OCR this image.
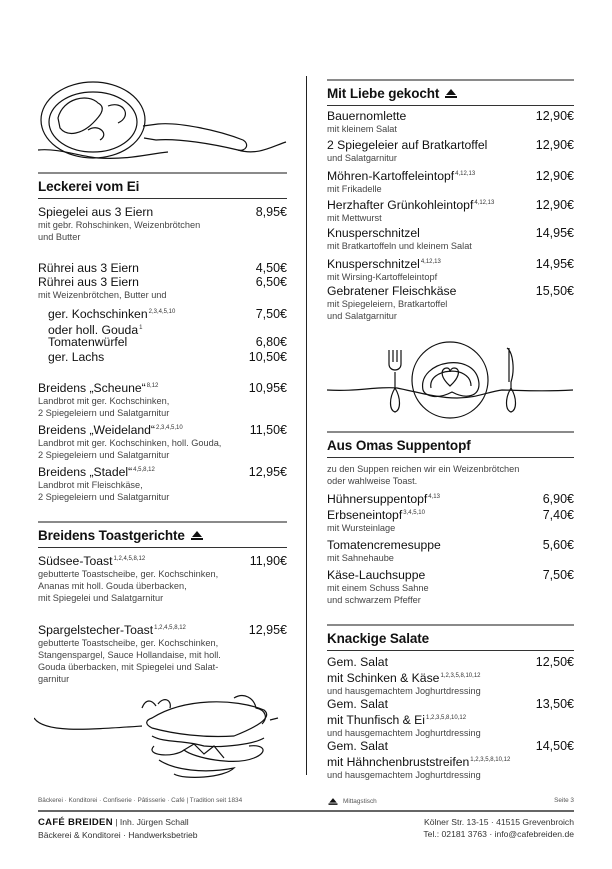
Leckerei vom Ei
Spiegelei aus 3 Eiern	8,95€
mit gebr. Rohschinken, Weizenbrötchen
und Butter
Rührei aus 3 Eiern	4,50€
Rührei aus 3 Eiern	6,50€
mit Weizenbrötchen, Butter und
ger. Kochschinken$^{2,3,4,5,10}$	7,50€
oder holl. Gouda$^1$
Tomatenwürfel	6,80€
ger. Lachs	10,50€
Breidens „Scheune“$^{8,12}$	10,95€
Landbrot mit ger. Kochschinken,
2 Spiegeleiern und Salatgarnitur
Breidens „Weideland“$^{2,3,4,5,10}$	11,50€
Landbrot mit ger. Kochschinken, holl. Gouda,
2 Spiegeleiern und Salatgarnitur
Breidens „Stadel“$^{4,5,8,12}$	12,95€
Landbrot mit Fleischkäse,
2 Spiegeleiern und Salatgarnitur
Breidens Toastgerichte
Südsee-Toast$^{1,2,4,5,8,12}$	11,90€
gebutterte Toastscheibe, ger. Kochschinken,
Ananas mit holl. Gouda überbacken,
mit Spiegelei und Salatgarnitur
Spargelstecher-Toast$^{1,2,4,5,8,12}$	12,95€
gebutterte Toastscheibe, ger. Kochschinken,
Stangenspargel, Sauce Hollandaise, mit holl.
Gouda überbacken, mit Spiegelei und Salat-
garnitur
Mit Liebe gekocht
Bauernomlette	12,90€
mit kleinem Salat
2 Spiegeleier auf Bratkartoffel	12,90€
und Salatgarnitur
Möhren-Kartoffeleintopf$^{4,12,13}$	12,90€
mit Frikadelle
Herzhafter Grünkohleintopf$^{4,12,13}$	12,90€
mit Mettwurst
Knusperschnitzel	14,95€
mit Bratkartoffeln und kleinem Salat
Knusperschnitzel$^{4,12,13}$	14,95€
mit Wirsing-Kartoffeleintopf
Gebratener Fleischkäse	15,50€
mit Spiegeleiern, Bratkartoffel
und Salatgarnitur
Aus Omas Suppentopf
zu den Suppen reichen wir ein Weizenbrötchen
oder wahlweise Toast.
Hühnersuppentopf$^{4,13}$	6,90€
Erbseneintopf$^{3,4,5,10}$	7,40€
mit Wursteinlage
Tomatencremesuppe	5,60€
mit Sahnehaube
Käse-Lauchsuppe	7,50€
mit einem Schuss Sahne
und schwarzem Pfeffer
Knackige Salate
Gem. Salat	12,50€
mit Schinken & Käse$^{1,2,3,5,8,10,12}$
und hausgemachtem Joghurtdressing
Gem. Salat	13,50€
mit Thunfisch & Ei$^{1,2,3,5,8,10,12}$
und hausgemachtem Joghurtdressing
Gem. Salat	14,50€
mit Hähnchenbruststreifen$^{1,2,3,5,8,10,12}$
und hausgemachtem Joghurtdressing
Bäckerei · Konditorei · Confiserie · Pâtisserie · Café | Tradition seit 1834	Mittagstisch	Seite 3
CAFÉ BREIDEN | Inh. Jürgen Schall
Bäckerei & Konditorei · Handwerksbetrieb
Kölner Str. 13-15 · 41515 Grevenbroich
Tel.: 02181 3763 · info@cafebreiden.de
